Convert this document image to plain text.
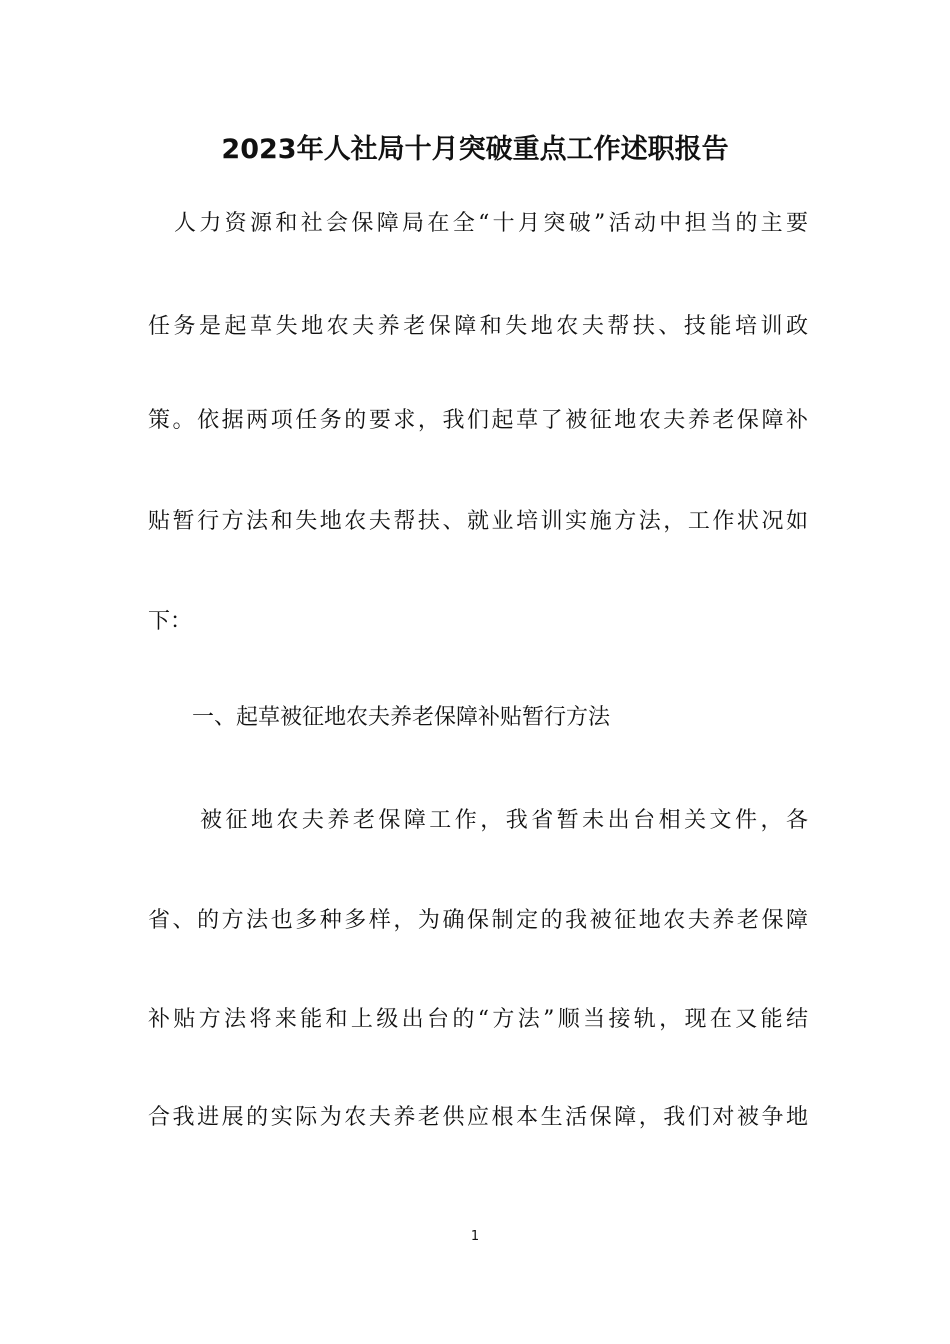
2023年人社局十月突破重点工作述职报告

人力资源和社会保障局在全“十月突破”活动中担当的主要

任务是起草失地农夫养老保障和失地农夫帮扶、技能培训政

策。依据两项任务的要求，我们起草了被征地农夫养老保障补

贴暂行方法和失地农夫帮扶、就业培训实施方法，工作状况如

下：

一、起草被征地农夫养老保障补贴暂行方法

被征地农夫养老保障工作，我省暂未出台相关文件，各

省、的方法也多种多样，为确保制定的我被征地农夫养老保障

补贴方法将来能和上级出台的“方法”顺当接轨，现在又能结

合我进展的实际为农夫养老供应根本生活保障，我们对被争地

1
